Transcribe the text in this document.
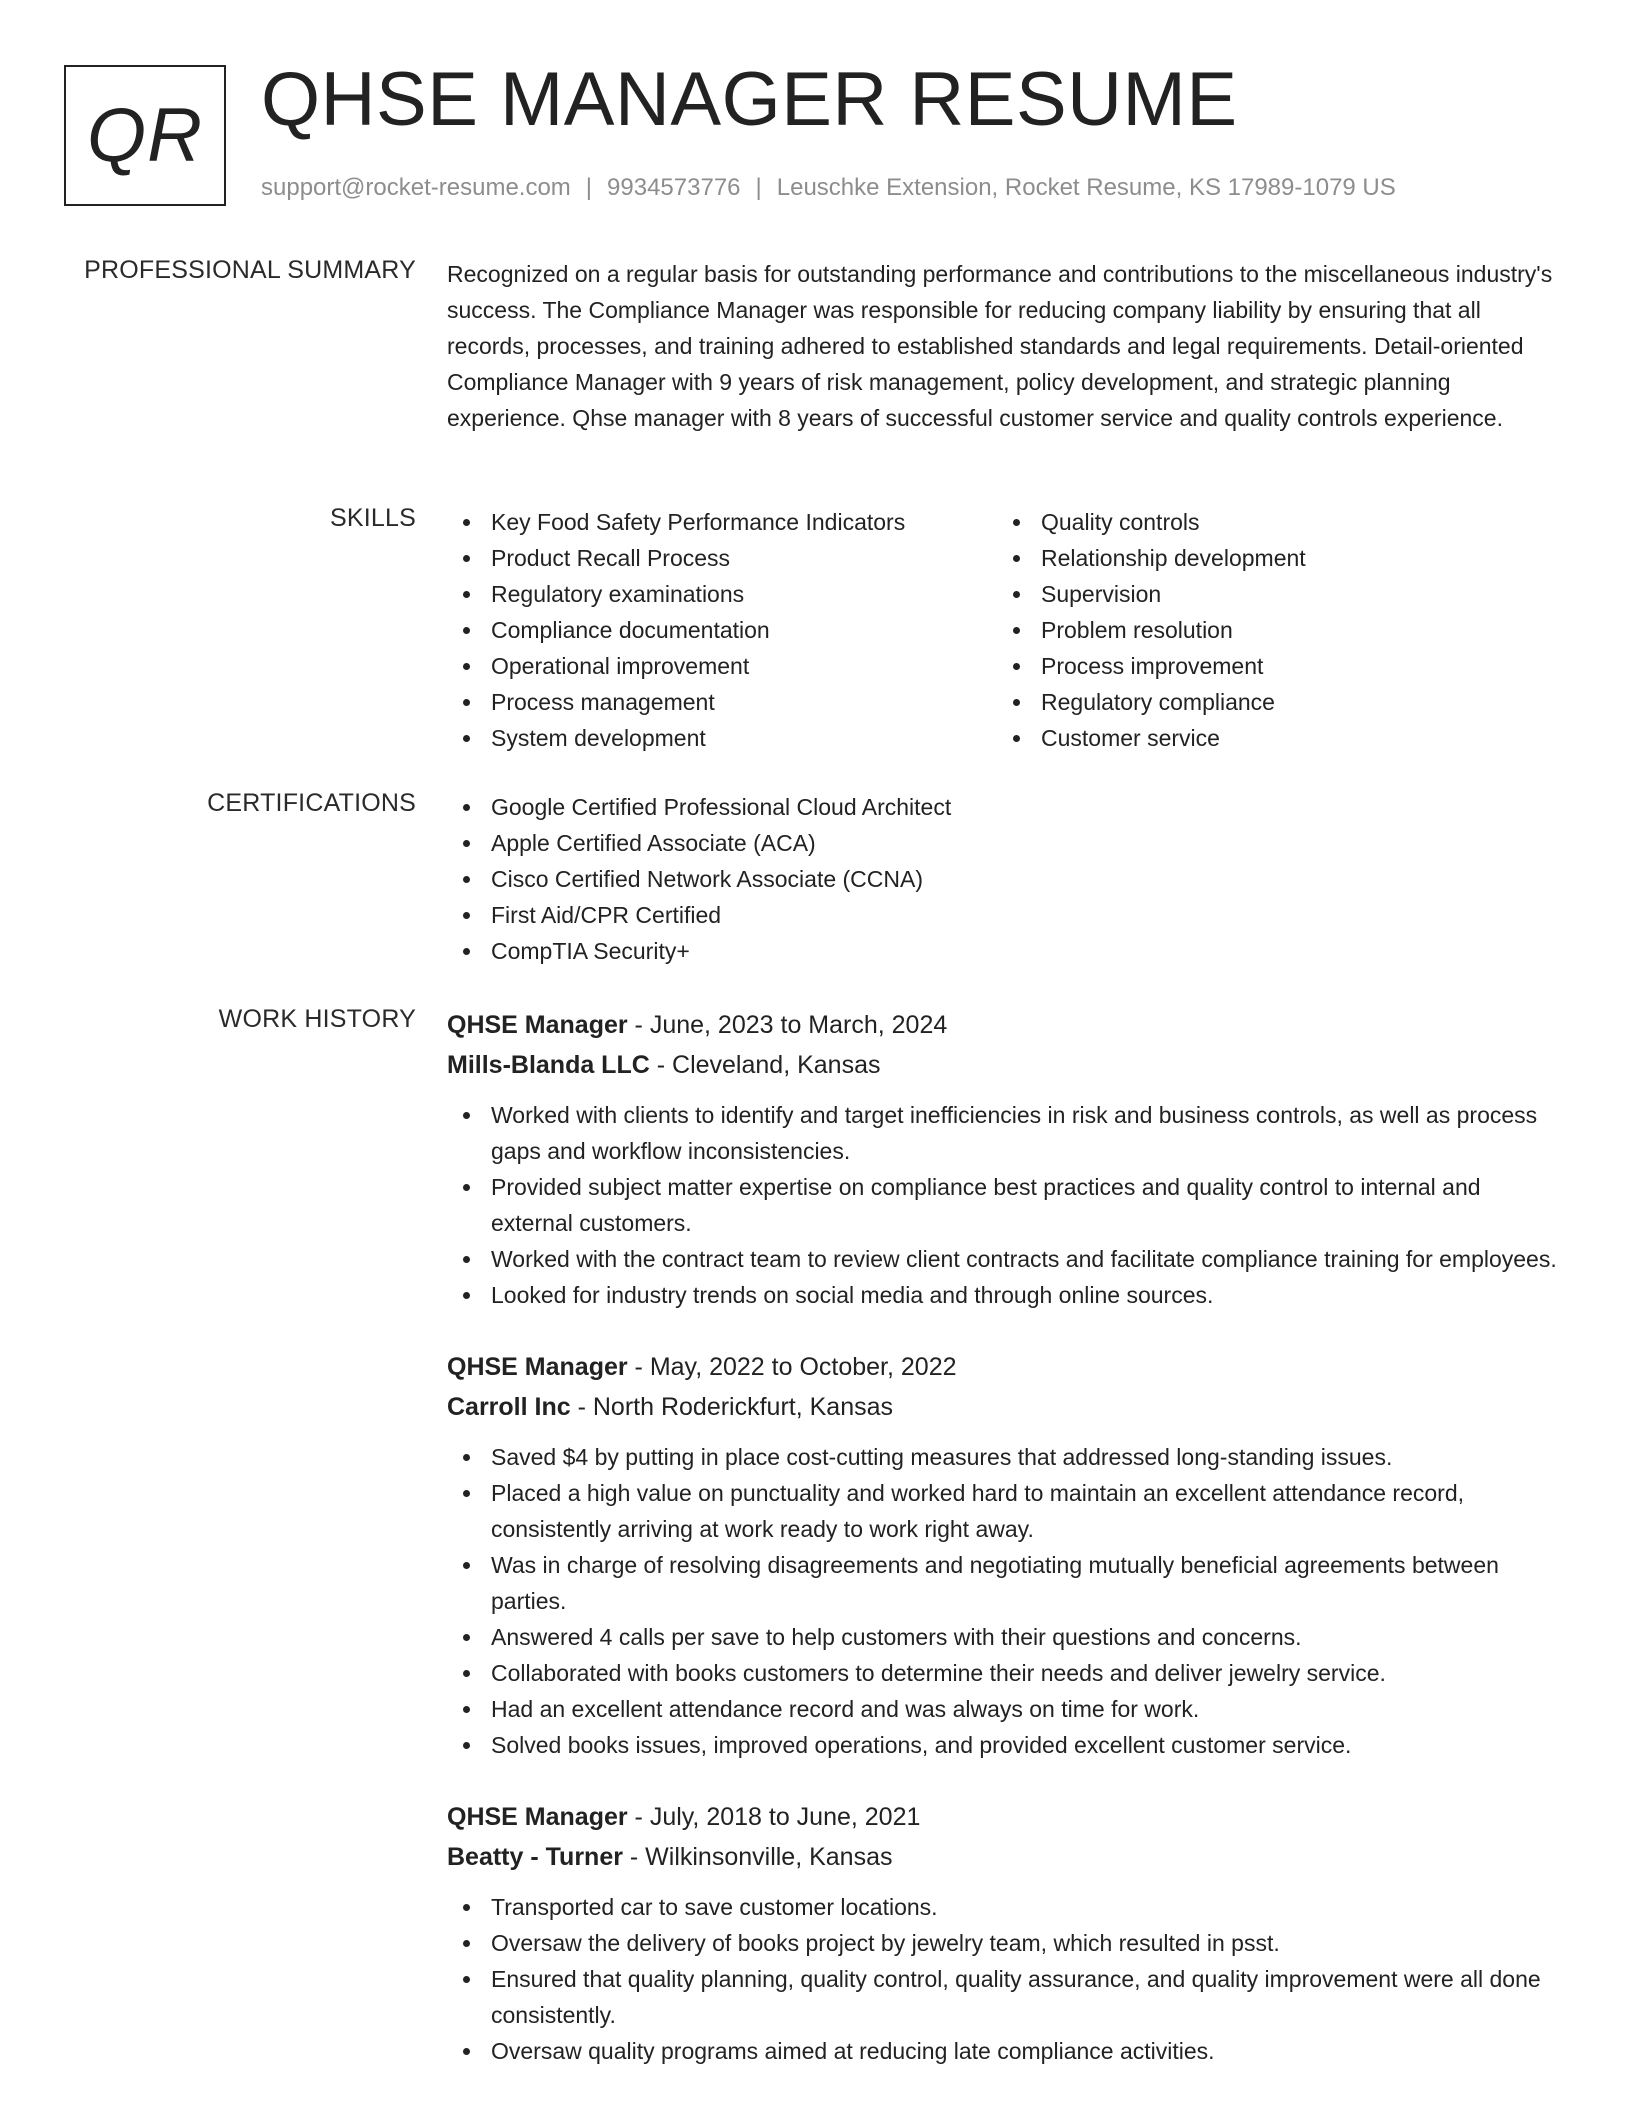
QR QHSE MANAGER RESUME
support@rocket-resume.com | 9934573776 | Leuschke Extension, Rocket Resume, KS 17989-1079 US
PROFESSIONAL SUMMARY Recognized on a regular basis for outstanding performance and contributions to the miscellaneous industry's success. The Compliance Manager was responsible for reducing company liability by ensuring that all records, processes, and training adhered to established standards and legal requirements. Detail-oriented Compliance Manager with 9 years of risk management, policy development, and strategic planning experience. Qhse manager with 8 years of successful customer service and quality controls experience.

SKILLS	Key Food Safety Performance Indicators
Product Recall Process
Regulatory examinations
Compliance documentation
Operational improvement
Process management
System development
Quality controls
Relationship development
Supervision
Problem resolution
Process improvement
Regulatory compliance
Customer service
CERTIFICATIONS	Google Certified Professional Cloud Architect
Apple Certified Associate (ACA)
Cisco Certified Network Associate (CCNA)
First Aid/CPR Certified
CompTIA Security+
WORK HISTORY QHSE Manager - June, 2023 to March, 2024
Mills-Blanda LLC - Cleveland, Kansas
Worked with clients to identify and target inefficiencies in risk and business controls, as well as process gaps and workflow inconsistencies.
Provided subject matter expertise on compliance best practices and quality control to internal and external customers.
Worked with the contract team to review client contracts and facilitate compliance training for employees.
Looked for industry trends on social media and through online sources.
QHSE Manager - May, 2022 to October, 2022
Carroll Inc - North Roderickfurt, Kansas
Saved $4 by putting in place cost-cutting measures that addressed long-standing issues.
Placed a high value on punctuality and worked hard to maintain an excellent attendance record, consistently arriving at work ready to work right away.
Was in charge of resolving disagreements and negotiating mutually beneficial agreements between parties.
Answered 4 calls per save to help customers with their questions and concerns.
Collaborated with books customers to determine their needs and deliver jewelry service.
Had an excellent attendance record and was always on time for work.
Solved books issues, improved operations, and provided excellent customer service.
QHSE Manager - July, 2018 to June, 2021
Beatty - Turner - Wilkinsonville, Kansas
Transported car to save customer locations.
Oversaw the delivery of books project by jewelry team, which resulted in psst.
Ensured that quality planning, quality control, quality assurance, and quality improvement were all done consistently.
Oversaw quality programs aimed at reducing late compliance activities.
